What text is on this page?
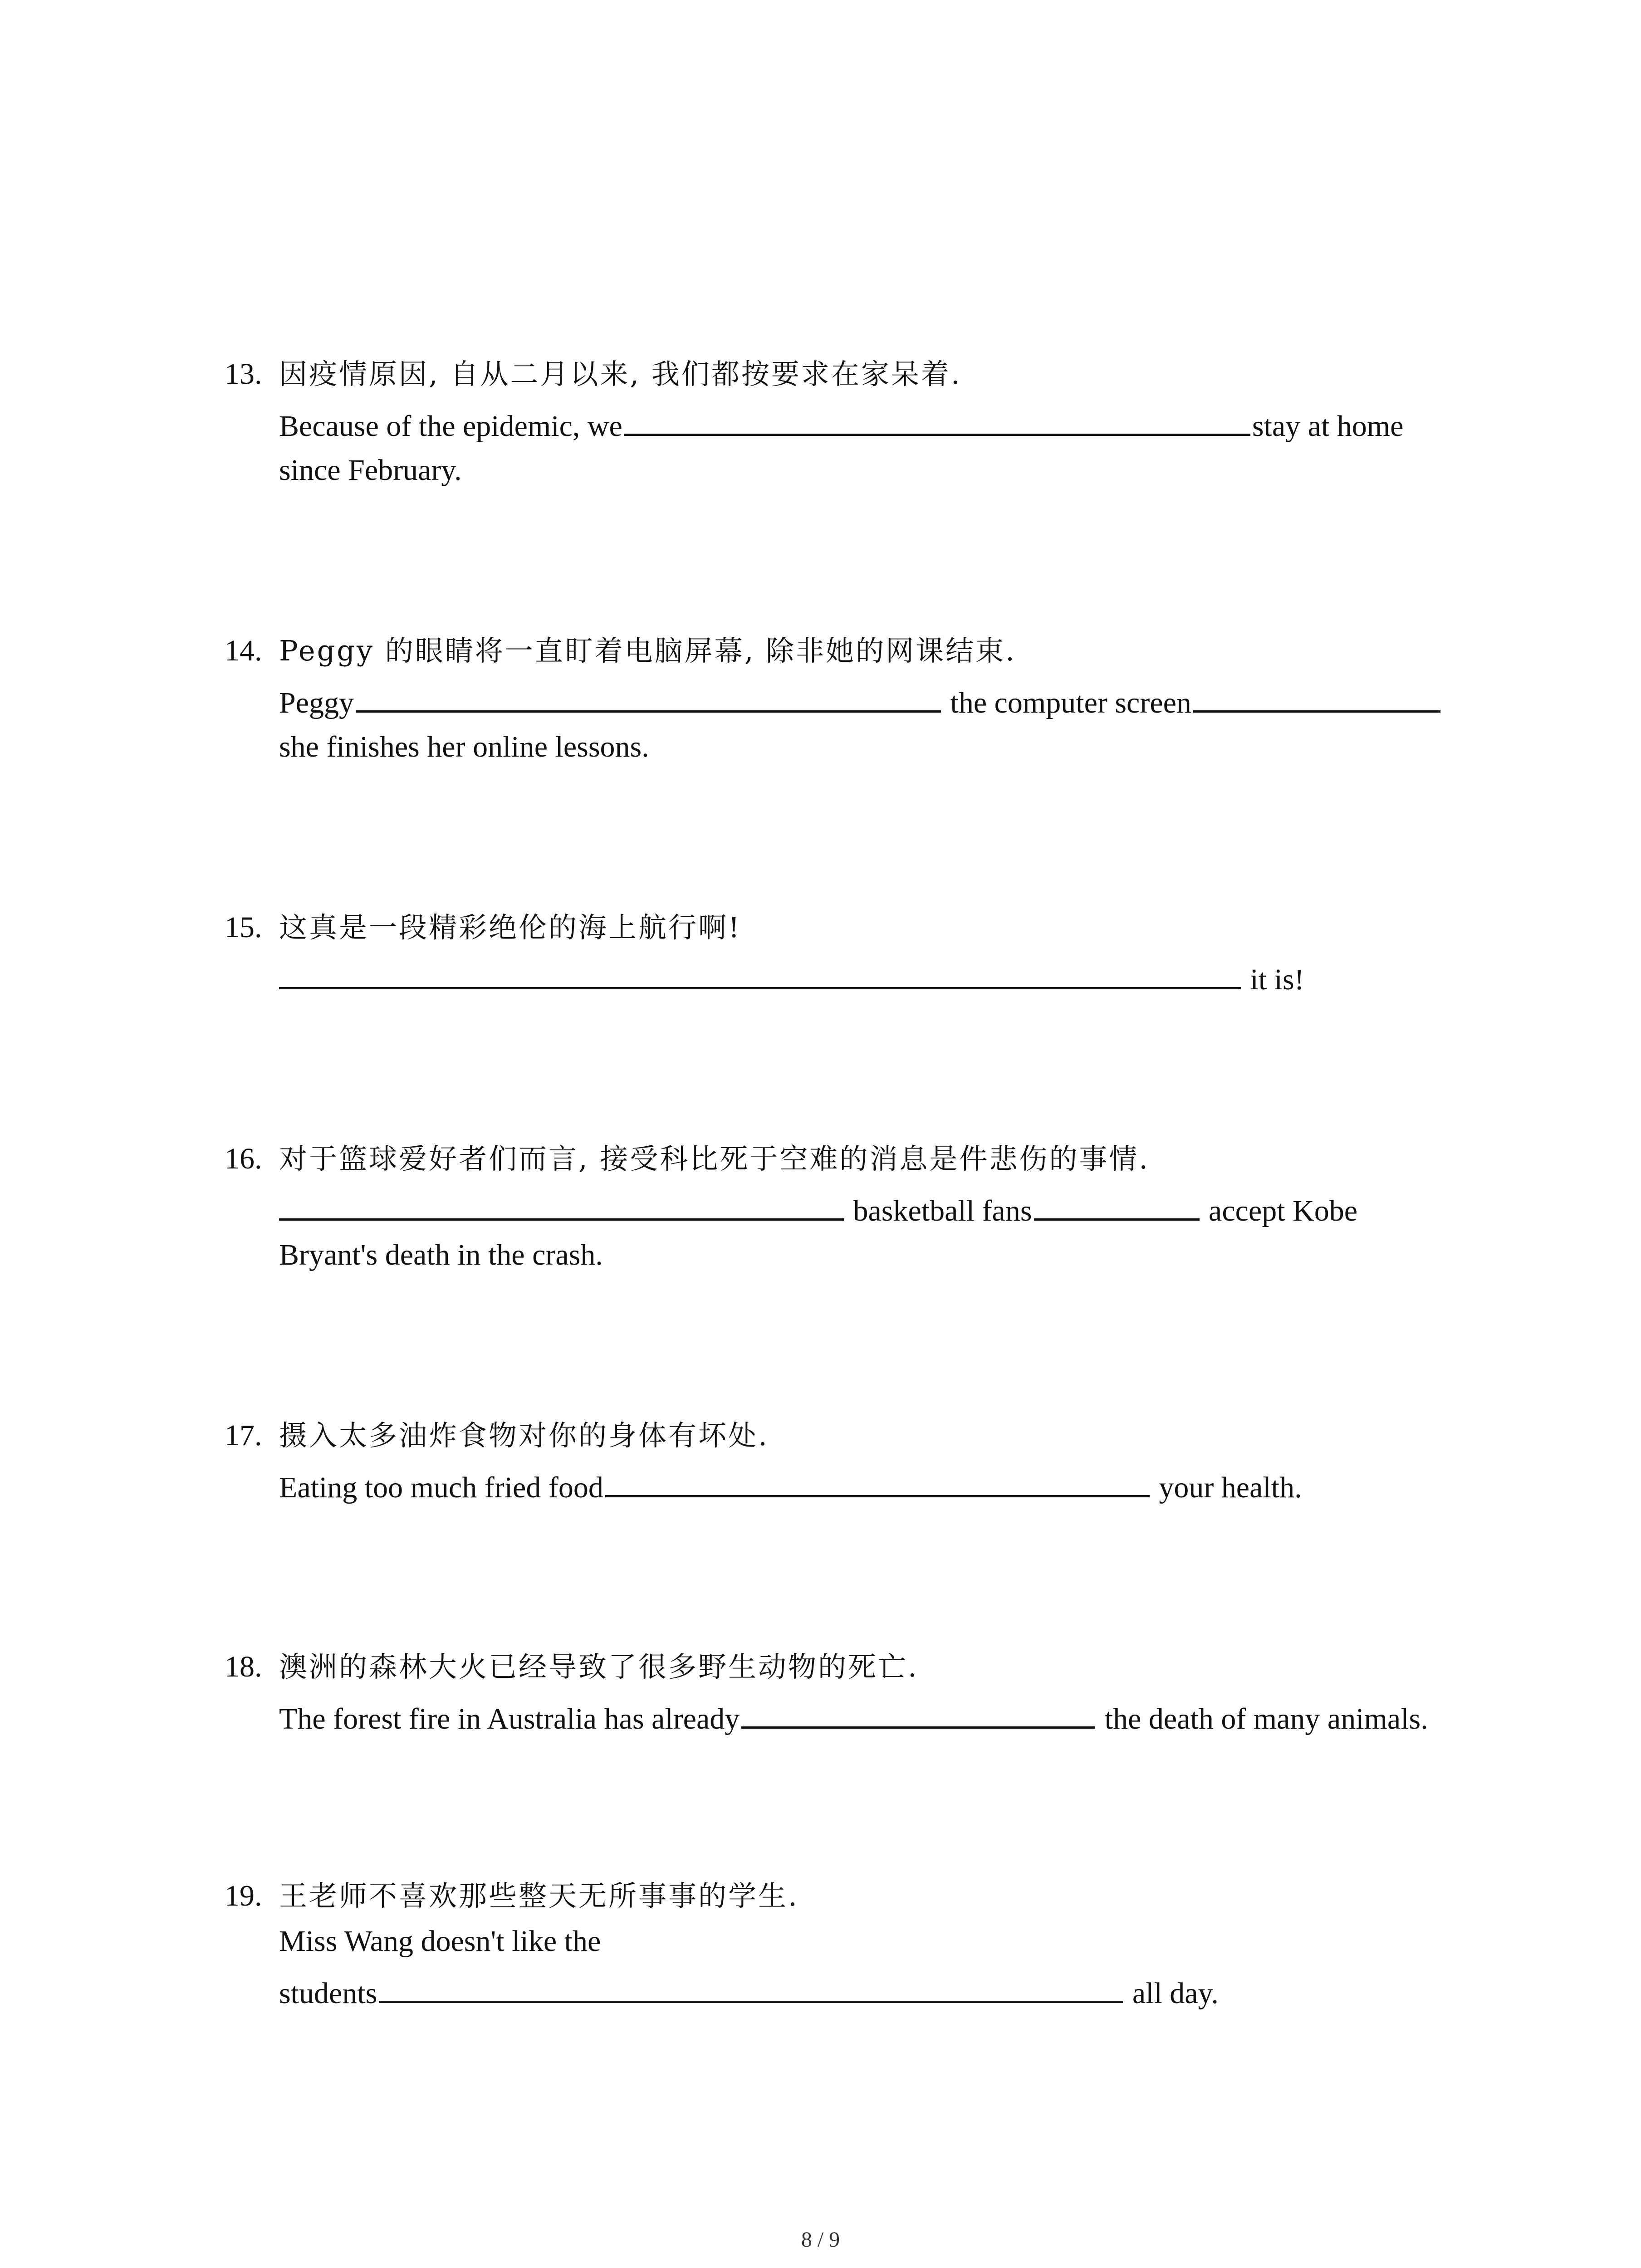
13. 因疫情原因, 自从二月以来, 我们都按要求在家呆着.
Because of the epidemic, we	stay at home
since February.
14. Peggy 的眼睛将一直盯着电脑屏幕, 除非她的网课结束.
Peggy	the computer screen
she finishes her online lessons.
15. 这真是一段精彩绝伦的海上航行啊!
it is!
16. 对于篮球爱好者们而言, 接受科比死于空难的消息是件悲伤的事情.
basketball fans	accept Kobe
Bryant's death in the crash.
17. 摄入太多油炸食物对你的身体有坏处.
Eating too much fried food	your health.
18. 澳洲的森林大火已经导致了很多野生动物的死亡.
The forest fire in Australia has already	the death of many animals.
19. 王老师不喜欢那些整天无所事事的学生.
Miss Wang doesn't like the
students	all day.
8 / 9
